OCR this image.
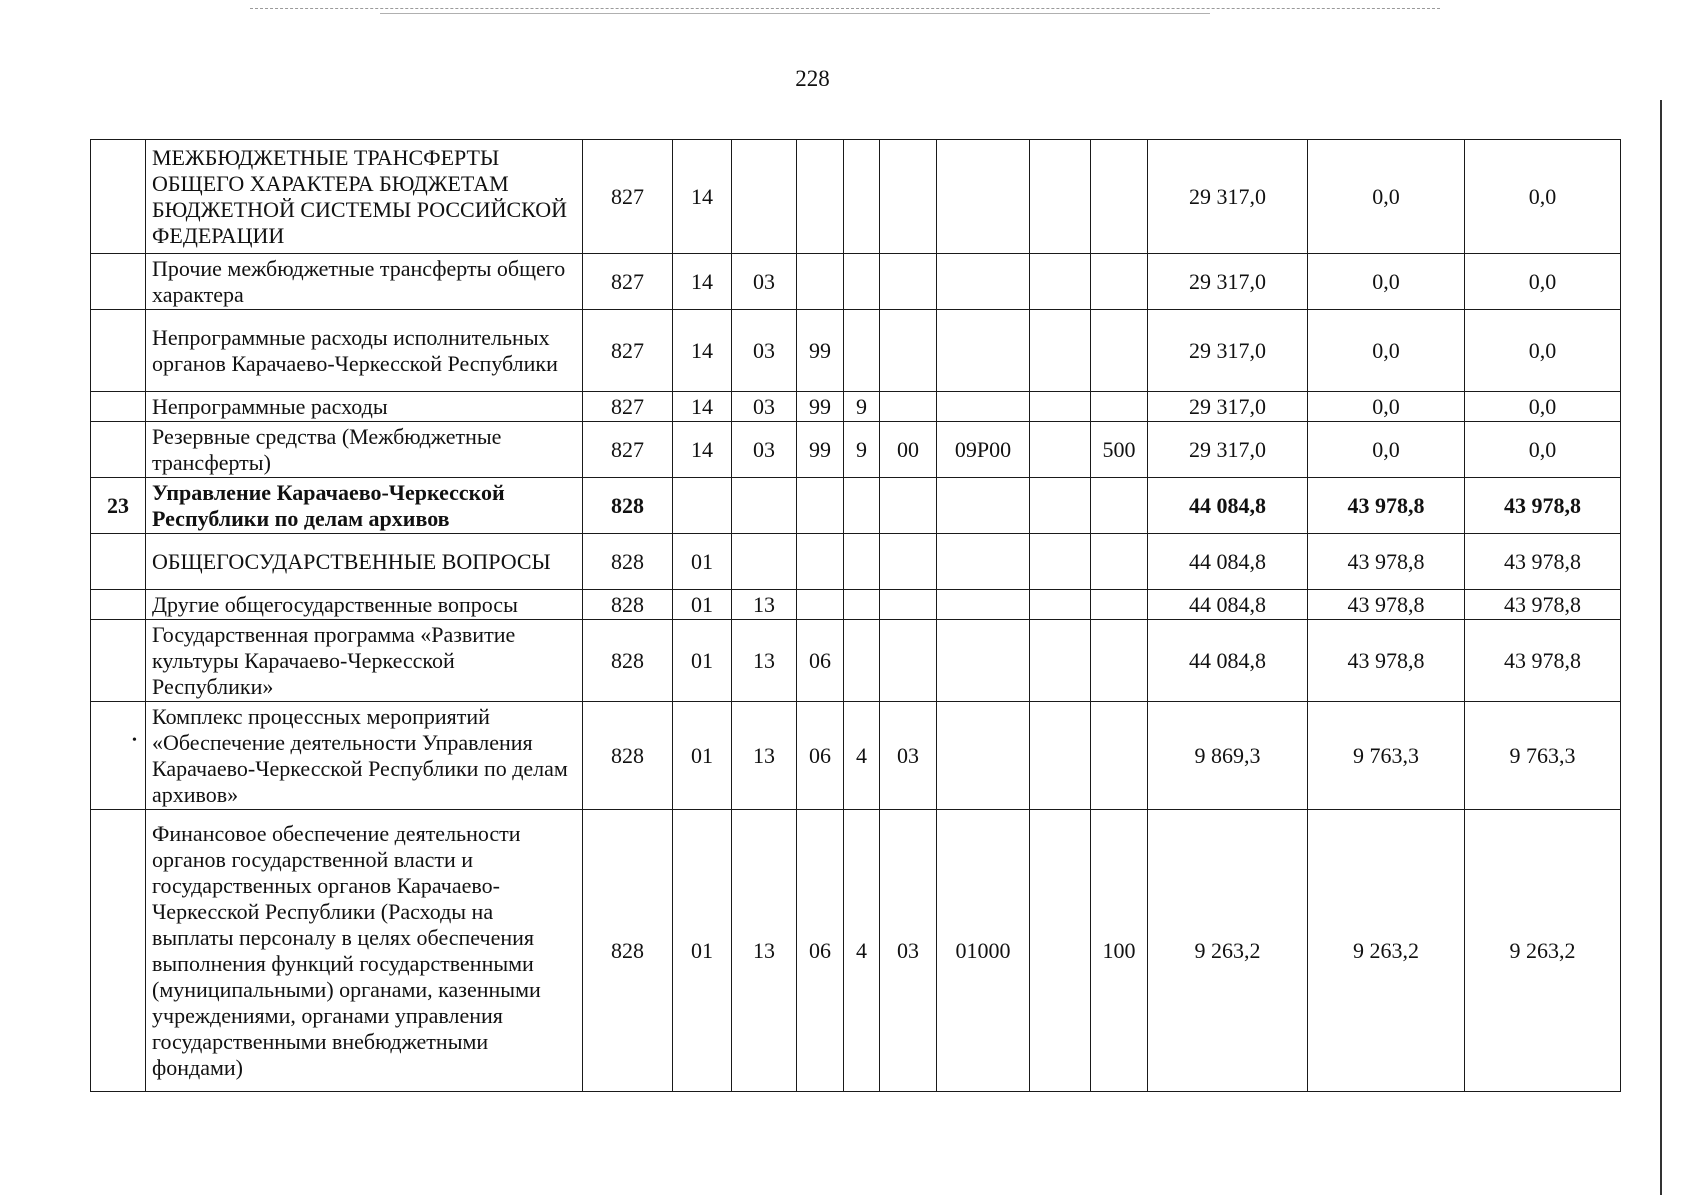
228
	МЕЖБЮДЖЕТНЫЕ ТРАНСФЕРТЫ ОБЩЕГО ХАРАКТЕРА БЮДЖЕТАМ БЮДЖЕТНОЙ СИСТЕМЫ РОССИЙСКОЙ ФЕДЕРАЦИИ	827	14								29 317,0	0,0	0,0
	Прочие межбюджетные трансферты общего характера	827	14	03							29 317,0	0,0	0,0
	Непрограммные расходы исполнительных органов Карачаево-Черкесской Республики	827	14	03	99						29 317,0	0,0	0,0
	Непрограммные расходы	827	14	03	99	9					29 317,0	0,0	0,0
	Резервные средства (Межбюджетные трансферты)	827	14	03	99	9	00	09Р00		500	29 317,0	0,0	0,0
23	Управление Карачаево-Черкесской Республики по делам архивов	828									44 084,8	43 978,8	43 978,8
	ОБЩЕГОСУДАРСТВЕННЫЕ ВОПРОСЫ	828	01								44 084,8	43 978,8	43 978,8
	Другие общегосударственные вопросы	828	01	13							44 084,8	43 978,8	43 978,8
	Государственная программа «Развитие культуры Карачаево-Черкесской Республики»	828	01	13	06						44 084,8	43 978,8	43 978,8
	Комплекс процессных мероприятий «Обеспечение деятельности Управления Карачаево-Черкесской Республики по делам архивов»	828	01	13	06	4	03				9 869,3	9 763,3	9 763,3
	Финансовое обеспечение деятельности органов государственной власти и государственных органов Карачаево-Черкесской Республики (Расходы на выплаты персоналу в целях обеспечения выполнения функций государственными (муниципальными) органами, казенными учреждениями, органами управления государственными внебюджетными фондами)	828	01	13	06	4	03	01000		100	9 263,2	9 263,2	9 263,2
•
